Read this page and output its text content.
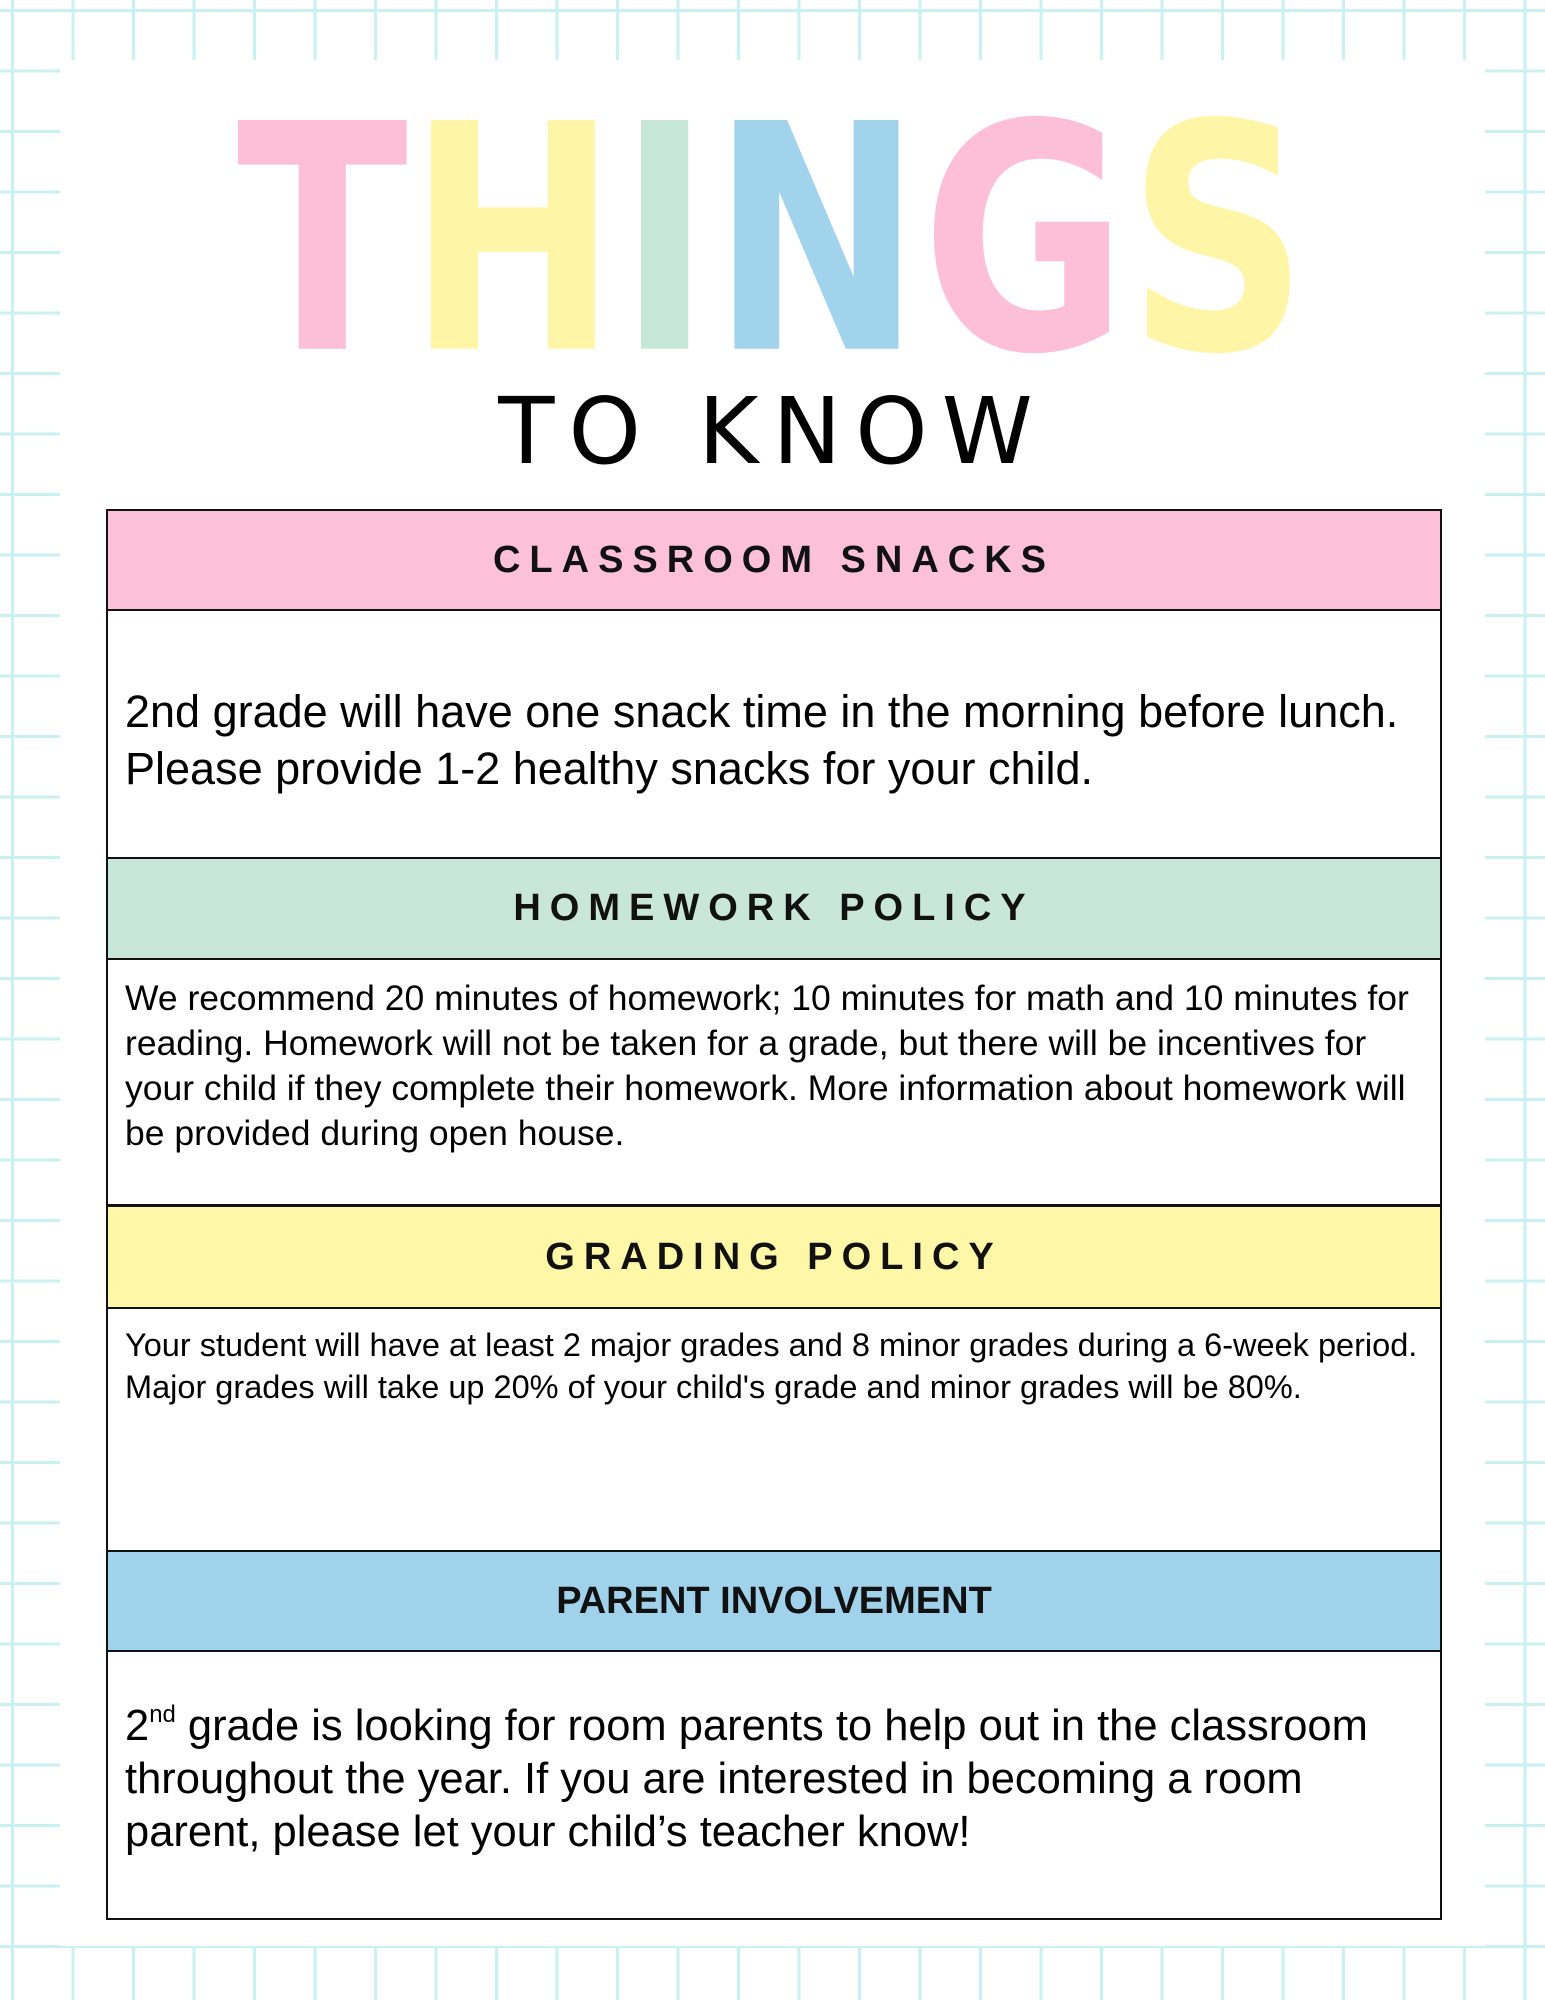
THINGS
TO KNOW
CLASSROOM SNACKS
2nd grade will have one snack time in the morning before lunch. Please provide 1-2 healthy snacks for your child.
HOMEWORK POLICY
We recommend 20 minutes of homework; 10 minutes for math and 10 minutes for reading. Homework will not be taken for a grade, but there will be incentives for your child if they complete their homework. More information about homework will be provided during open house.
GRADING POLICY
Your student will have at least 2 major grades and 8 minor grades during a 6-week period. Major grades will take up 20% of your child's grade and minor grades will be 80%.
PARENT INVOLVEMENT
2nd grade is looking for room parents to help out in the classroom throughout the year. If you are interested in becoming a room parent, please let your child’s teacher know!
